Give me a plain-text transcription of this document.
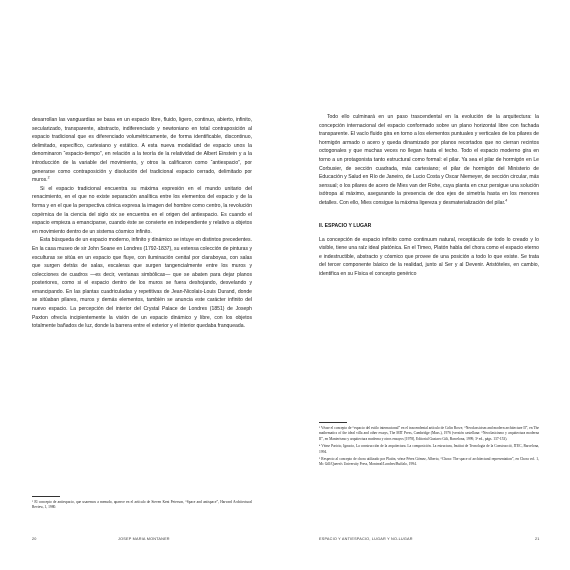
desarrollan las vanguardias se basa en un espacio libre, fluido, ligero, continuo, abierto, infinito, secularizado, transparente, abstracto, indiferenciado y newtoniano en total contraposición al espacio tradicional que es diferenciado volumétricamente, de forma identificable, discontinuo, delimitado, específico, cartesiano y estático. A esta nueva modalidad de espacio unos la denominaron “espacio-tiempo”, en relación a la teoría de la relatividad de Albert Einstein y a la introducción de la variable del movimiento, y otros la calificaron como “antiespacio”, por generarse como contraposición y disolución del tradicional espacio cerrado, delimitado por muros.$^2$

Si el espacio tradicional encuentra su máxima expresión en el mundo unitario del renacimiento, en el que no existe separación analítica entre los elementos del espacio y de la forma y en el que la perspectiva cónica expresa la imagen del hombre como centro, la revolución copérnica de la ciencia del siglo xix se encuentra en el origen del antiespacio. Es cuando el espacio empieza a emanciparse, cuando éste se convierte en independiente y relativo a objetos en movimiento dentro de un sistema cósmico infinito.

Esta búsqueda de un espacio moderno, infinito y dinámico se intuye en distintos precedentes. En la casa museo de sir John Soane en Londres (1792-1837), su extensa colección de pinturas y esculturas se sitúa en un espacio que fluye, con iluminación cenital por claraboyas, con salas que surgen detrás de salas, escaleras que surgen tangencialmente entre los muros y colecciones de cuadros —es decir, ventanas simbólicas— que se abaten para dejar planos posteriores, como si el espacio dentro de los muros se fuera deshojando, desvelando y emancipando. En las plantas cuadriculadas y repetitivas de Jean-Nicolais-Louis Durand, donde se sitúaban pilares, muros y demás elementos, también se anuncia este carácter infinito del nuevo espacio. La percepción del interior del Crystal Palace de Londres (1851) de Joseph Paxton ofrecía incipientemente la visión de un espacio dinámico y libre, con los objetos totalmente bañados de luz, donde la barrera entre el exterior y el interior quedaba franqueada.

² El concepto de antiespacio, que usaremos a menudo, aparece en el artículo de Steven Kent Peterson, “Space and antispace”, Harvard Architectural Review, 1, 1980.
20	JOSEP MARIA MONTANER

Todo ello culminará en un paso trascendental en la evolución de la arquitectura: la concepción internacional del espacio conformado sobre un plano horizontal libre con fachada transparente. El vacío fluido gira en torno a los elementos puntuales y verticales de los pilares de hormigón armado o acero y queda dinamizado por planos recortados que no cierran recintos octogonales y que muchas veces no llegan hasta el techo. Todo el espacio moderno gira en torno a un protagonista tanto estructural como formal: el pilar. Ya sea el pilar de hormigón en Le Corbusier, de sección cuadrada, más cartesiano; el pilar de hormigón del Ministerio de Educación y Salud en Río de Janeiro, de Lucio Costa y Oscar Niemeyer, de sección circular, más sensual; o los pilares de acero de Mies van der Rohe, cuya planta en cruz persigue una solución isótropa al máximo, asegurando la presencia de dos ejes de simetría hasta en los menores detalles. Con ello, Mies consigue la máxima ligereza y desmaterialización del pilar.$^4$

II. ESPACIO Y LUGAR

La concepción de espacio infinito como continuum natural, receptáculo de todo lo creado y lo visible, tiene una raíz ideal platónica. En el Timeo, Platón habla del chora como el espacio eterno e indestructible, abstracto y cósmico que provee de una posición a todo lo que existe. Se trata del tercer componente básico de la realidad, junto al Ser y al Devenir. Aristóteles, en cambio, identifica en su Física el concepto genérico

³ Véase el concepto de “espacio del estilo internacional” en el trascendental artículo de Colin Rowe, “Neoclassicism and modern architecture II”, en The mathematics of the ideal villa and other essays, The MIT Press, Cambridge (Mass.), 1976 (versión castellana: “Neoclasicismo y arquitectura moderna II”, en Manierismo y arquitectura moderna y otros ensayos [1978], Editorial Gustavo Gili, Barcelona, 1999, 3ª ed., págs. 137-153).
⁴ Véase Paricio, Ignacio, La construcción de la arquitectura. La composición. La estructura, Institut de Tecnologia de la Construcció, ITEC, Barcelona, 1994.
⁵ Respecto al concepto de chora utilizado por Platón, véase Pérez Gómez, Alberto, “Chora: The space of architectural representation”, en Chora vol. 1, Mc Gill/Queen's University Press, Montreal/Londres/Buffalo, 1994.
ESPACIO Y ANTIESPACIO, LUGAR Y NO-LUGAR	21
